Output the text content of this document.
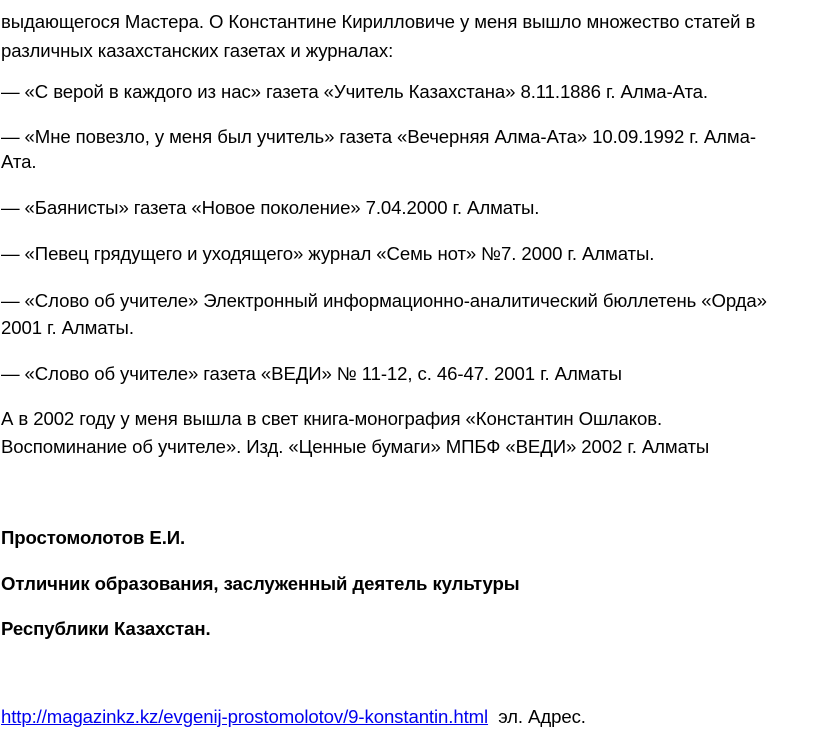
выдающегося Мастера. О Константине Кирилловиче у меня вышло множество статей в
различных казахстанских газетах и журналах:
— «С верой в каждого из нас» газета «Учитель Казахстана» 8.11.1886 г. Алма-Ата.
— «Мне повезло, у меня был учитель» газета «Вечерняя Алма-Ата» 10.09.1992 г. Алма-
Ата.
— «Баянисты» газета «Новое поколение» 7.04.2000 г. Алматы.
— «Певец грядущего и уходящего» журнал «Семь нот» №7. 2000 г. Алматы.
— «Слово об учителе» Электронный информационно-аналитический бюллетень «Орда»
2001 г. Алматы.
— «Слово об учителе» газета «ВЕДИ» № 11-12, с. 46-47. 2001 г. Алматы
А в 2002 году у меня вышла в свет книга-монография «Константин Ошлаков.
Воспоминание об учителе». Изд. «Ценные бумаги» МПБФ «ВЕДИ» 2002 г. Алматы
Простомолотов Е.И.
Отличник образования, заслуженный деятель культуры
Республики Казахстан.
http://magazinkz.kz/evgenij-prostomolotov/9-konstantin.html  эл. Адрес.
